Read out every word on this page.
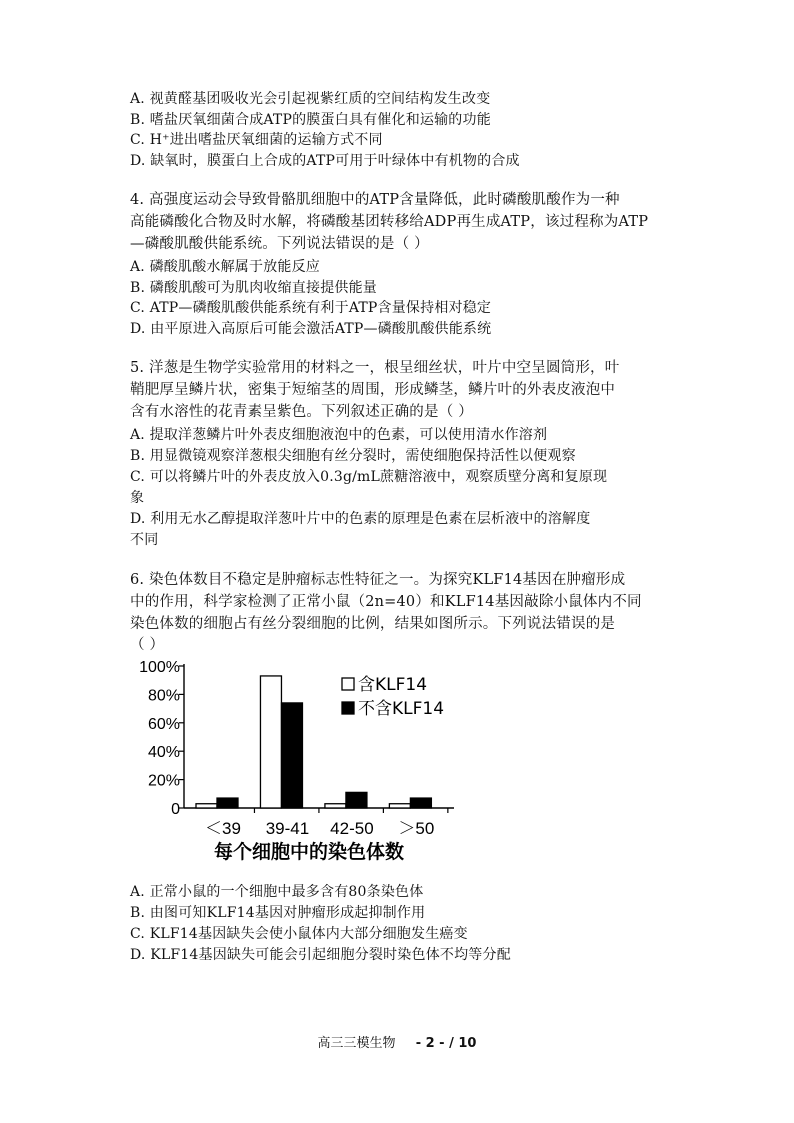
A. 视黄醛基团吸收光会引起视紫红质的空间结构发生改变
B. 嗜盐厌氧细菌合成ATP的膜蛋白具有催化和运输的功能
C. H⁺进出嗜盐厌氧细菌的运输方式不同
D. 缺氧时，膜蛋白上合成的ATP可用于叶绿体中有机物的合成
4. 高强度运动会导致骨骼肌细胞中的ATP含量降低，此时磷酸肌酸作为一种
高能磷酸化合物及时水解，将磷酸基团转移给ADP再生成ATP，该过程称为ATP
—磷酸肌酸供能系统。下列说法错误的是（ ）
A. 磷酸肌酸水解属于放能反应
B. 磷酸肌酸可为肌肉收缩直接提供能量
C. ATP—磷酸肌酸供能系统有利于ATP含量保持相对稳定
D. 由平原进入高原后可能会激活ATP—磷酸肌酸供能系统
5. 洋葱是生物学实验常用的材料之一，根呈细丝状，叶片中空呈圆筒形，叶
鞘肥厚呈鳞片状，密集于短缩茎的周围，形成鳞茎，鳞片叶的外表皮液泡中
含有水溶性的花青素呈紫色。下列叙述正确的是（ ）
A. 提取洋葱鳞片叶外表皮细胞液泡中的色素，可以使用清水作溶剂
B. 用显微镜观察洋葱根尖细胞有丝分裂时，需使细胞保持活性以便观察
C. 可以将鳞片叶的外表皮放入0.3g/mL蔗糖溶液中，观察质壁分离和复原现
象
D. 利用无水乙醇提取洋葱叶片中的色素的原理是色素在层析液中的溶解度
不同
6. 染色体数目不稳定是肿瘤标志性特征之一。为探究KLF14基因在肿瘤形成
中的作用，科学家检测了正常小鼠（2n=40）和KLF14基因敲除小鼠体内不同
染色体数的细胞占有丝分裂细胞的比例，结果如图所示。下列说法错误的是
（ ）
0
20%
40%
60%
80%
100%
＜39 39-41 42-50 ＞50
每个细胞中的染色体数
含KLF14
不含KLF14
A. 正常小鼠的一个细胞中最多含有80条染色体
B. 由图可知KLF14基因对肿瘤形成起抑制作用
C. KLF14基因缺失会使小鼠体内大部分细胞发生癌变
D. KLF14基因缺失可能会引起细胞分裂时染色体不均等分配
高三三模生物 - 2 - / 10
